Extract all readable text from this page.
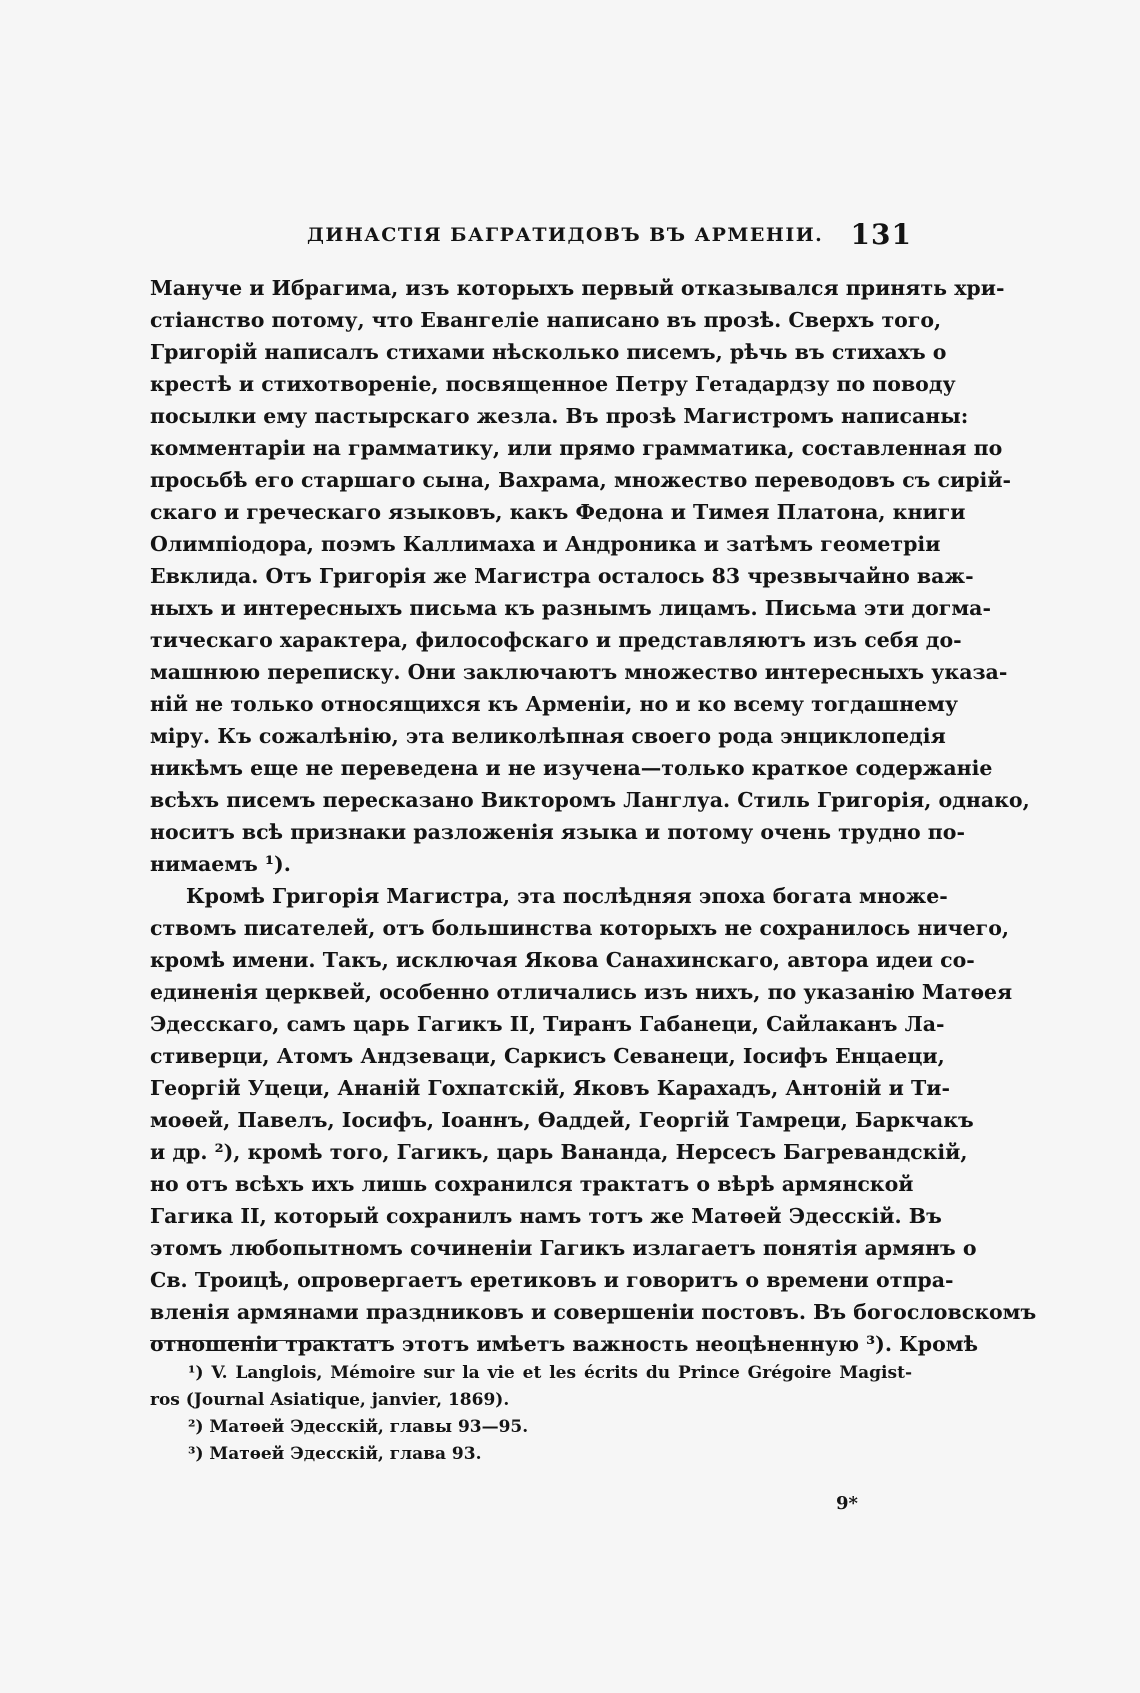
ДИНАСТІЯ БАГРАТИДОВЪ ВЪ АРМЕНІИ. 131
Мануче и Ибрагима, изъ которыхъ первый отказывался принять хри-
стіанство потому, что Евангеліе написано въ прозѣ. Сверхъ того,
Григорій написалъ стихами нѣсколько писемъ, рѣчь въ стихахъ о
крестѣ и стихотвореніе, посвященное Петру Гетадардзу по поводу
посылки ему пастырскаго жезла. Въ прозѣ Магистромъ написаны:
комментаріи на грамматику, или прямо грамматика, составленная по
просьбѣ его старшаго сына, Вахрама, множество переводовъ съ сирій-
скаго и греческаго языковъ, какъ Федона и Тимея Платона, книги
Олимпіодора, поэмъ Каллимаха и Андроника и затѣмъ геометріи
Евклида. Отъ Григорія же Магистра осталось 83 чрезвычайно важ-
ныхъ и интересныхъ письма къ разнымъ лицамъ. Письма эти догма-
тическаго характера, философскаго и представляютъ изъ себя до-
машнюю переписку. Они заключаютъ множество интересныхъ указа-
ній не только относящихся къ Арменіи, но и ко всему тогдашнему
міру. Къ сожалѣнію, эта великолѣпная своего рода энциклопедія
никѣмъ еще не переведена и не изучена—только краткое содержаніе
всѣхъ писемъ пересказано Викторомъ Ланглуа. Стиль Григорія, однако,
носитъ всѣ признаки разложенія языка и потому очень трудно по-
нимаемъ ¹).
Кромѣ Григорія Магистра, эта послѣдняя эпоха богата множе-
ствомъ писателей, отъ большинства которыхъ не сохранилось ничего,
кромѣ имени. Такъ, исключая Якова Санахинскаго, автора идеи со-
единенія церквей, особенно отличались изъ нихъ, по указанію Матѳея
Эдесскаго, самъ царь Гагикъ II, Тиранъ Габанеци, Сайлаканъ Ла-
стиверци, Атомъ Андзеваци, Саркисъ Севанеци, Іосифъ Енцаеци,
Георгій Уцеци, Ананій Гохпатскій, Яковъ Карахадъ, Антоній и Ти-
моѳей, Павелъ, Іосифъ, Іоаннъ, Ѳаддей, Георгій Тамреци, Баркчакъ
и др. ²), кромѣ того, Гагикъ, царь Ванaнда, Нерсесъ Багревандскій,
но отъ всѣхъ ихъ лишь сохранился трактатъ о вѣрѣ армянской
Гагика II, который сохранилъ намъ тотъ же Матѳей Эдесскій. Въ
этомъ любопытномъ сочиненіи Гагикъ излагаетъ понятія армянъ о
Св. Троицѣ, опровергаетъ еретиковъ и говоритъ о времени отпра-
вленія армянами праздниковъ и совершеніи постовъ. Въ богословскомъ
отношеніи трактатъ этотъ имѣетъ важность неоцѣненную ³). Кромѣ
¹) V. Langlois, Mémoire sur la vie et les écrits du Prince Grégoire Magist-
ros (Journal Asiatique, janvier, 1869).
²) Матѳей Эдесскій, главы 93—95.
³) Матѳей Эдесскій, глава 93.
9*
